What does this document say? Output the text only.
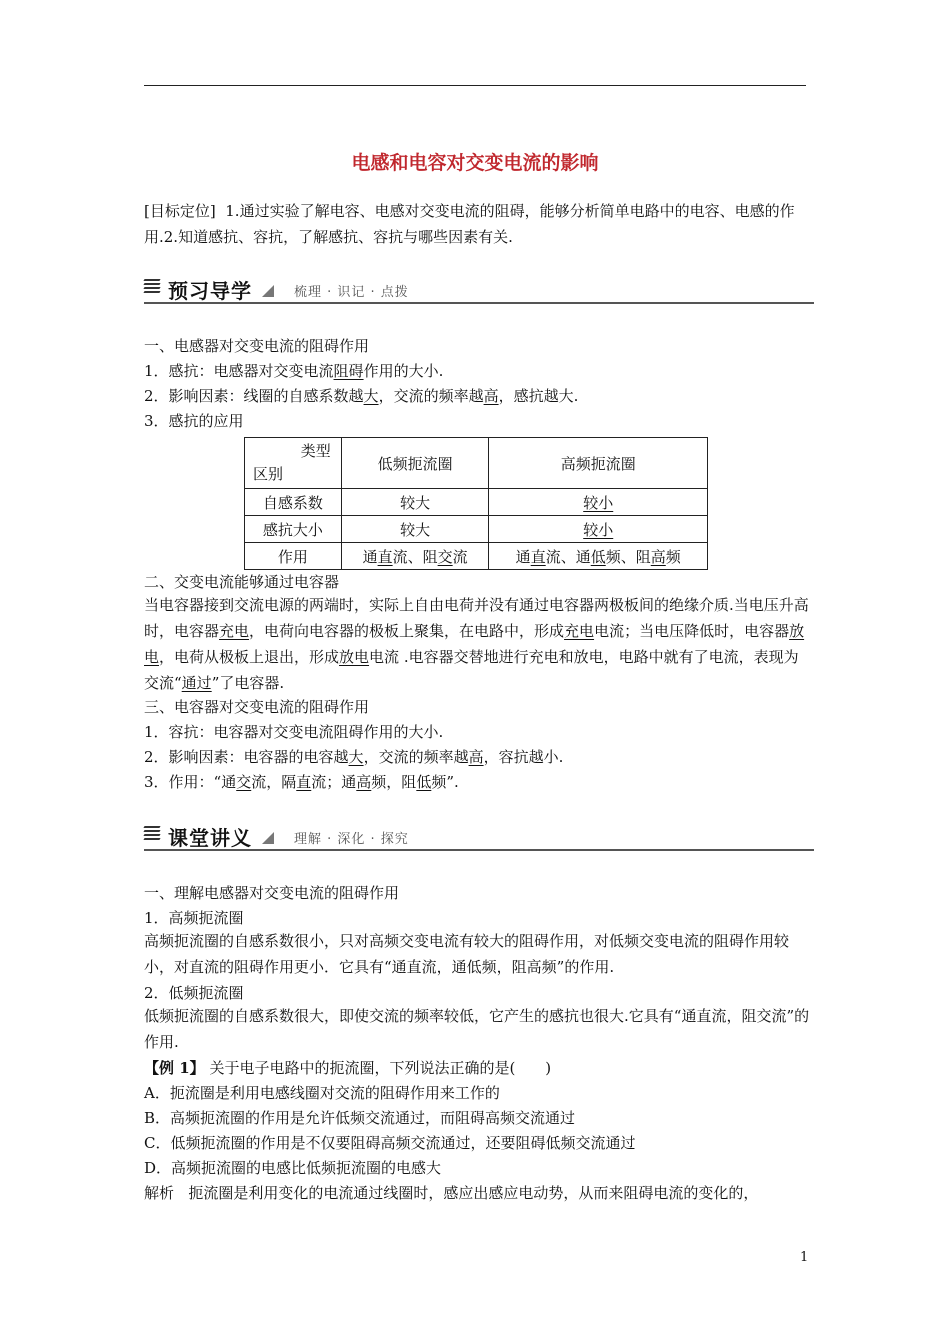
电感和电容对交变电流的影响
[目标定位] 1.通过实验了解电容、电感对交变电流的阻碍，能够分析简单电路中的电容、电感的作用.2.知道感抗、容抗，了解感抗、容抗与哪些因素有关.
预习导学	梳理 · 识记 · 点拨
一、电感器对交变电流的阻碍作用
1．感抗：电感器对交变电流阻碍作用的大小.
2．影响因素：线圈的自感系数越大，交流的频率越高，感抗越大.
3．感抗的应用
类型
区别	低频扼流圈	高频扼流圈
自感系数	较大	较小
感抗大小	较大	较小
作用	通直流、阻交流	通直流、通低频、阻高频
二、交变电流能够通过电容器
当电容器接到交流电源的两端时，实际上自由电荷并没有通过电容器两极板间的绝缘介质.当电压升高时，电容器充电，电荷向电容器的极板上聚集，在电路中，形成充电电流；当电压降低时，电容器放电，电荷从极板上退出，形成放电电流 .电容器交替地进行充电和放电，电路中就有了电流，表现为交流“通过”了电容器.
三、电容器对交变电流的阻碍作用
1．容抗：电容器对交变电流阻碍作用的大小.
2．影响因素：电容器的电容越大，交流的频率越高，容抗越小.
3．作用：“通交流，隔直流；通高频，阻低频”.
课堂讲义	理解 · 深化 · 探究
一、理解电感器对交变电流的阻碍作用
1．高频扼流圈
高频扼流圈的自感系数很小，只对高频交变电流有较大的阻碍作用，对低频交变电流的阻碍作用较小，对直流的阻碍作用更小．它具有“通直流，通低频，阻高频”的作用.
2．低频扼流圈
低频扼流圈的自感系数很大，即使交流的频率较低，它产生的感抗也很大.它具有“通直流，阻交流”的作用.
【例 1】 关于电子电路中的扼流圈，下列说法正确的是(　　)
A．扼流圈是利用电感线圈对交流的阻碍作用来工作的
B．高频扼流圈的作用是允许低频交流通过，而阻碍高频交流通过
C．低频扼流圈的作用是不仅要阻碍高频交流通过，还要阻碍低频交流通过
D．高频扼流圈的电感比低频扼流圈的电感大
解析 扼流圈是利用变化的电流通过线圈时，感应出感应电动势，从而来阻碍电流的变化的，
1
